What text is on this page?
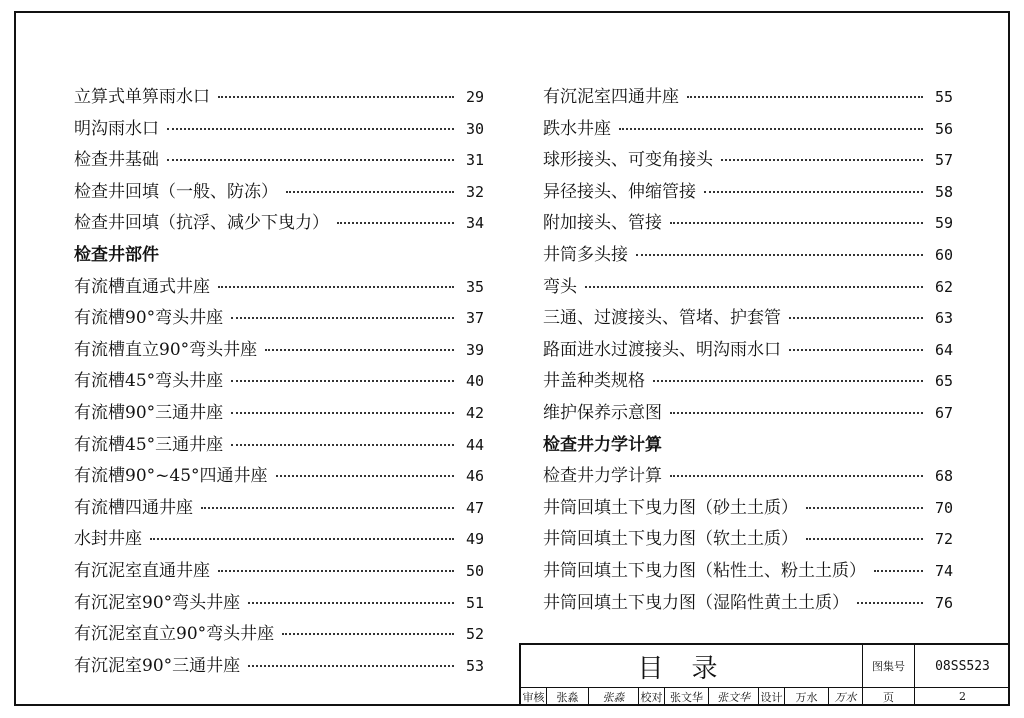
立算式单箅雨水口	29
明沟雨水口	30
检查井基础	31
检查井回填（一般、防冻）	32
检查井回填（抗浮、减少下曳力）	34
检查井部件
有流槽直通式井座	35
有流槽90°弯头井座	37
有流槽直立90°弯头井座	39
有流槽45°弯头井座	40
有流槽90°三通井座	42
有流槽45°三通井座	44
有流槽90°~45°四通井座	46
有流槽四通井座	47
水封井座	49
有沉泥室直通井座	50
有沉泥室90°弯头井座	51
有沉泥室直立90°弯头井座	52
有沉泥室90°三通井座	53
有沉泥室四通井座	55
跌水井座	56
球形接头、可变角接头	57
异径接头、伸缩管接	58
附加接头、管接	59
井筒多头接	60
弯头	62
三通、过渡接头、管堵、护套管	63
路面进水过渡接头、明沟雨水口	64
井盖种类规格	65
维护保养示意图	67
检查井力学计算
检查井力学计算	68
井筒回填土下曳力图（砂土土质）	70
井筒回填土下曳力图（软土土质）	72
井筒回填土下曳力图（粘性土、粉土土质）	74
井筒回填土下曳力图（湿陷性黄土土质）	76
目录	图集号	08SS523
审核	张淼	张淼	校对 张文华	张文华 设计	万水	万水	页	2
